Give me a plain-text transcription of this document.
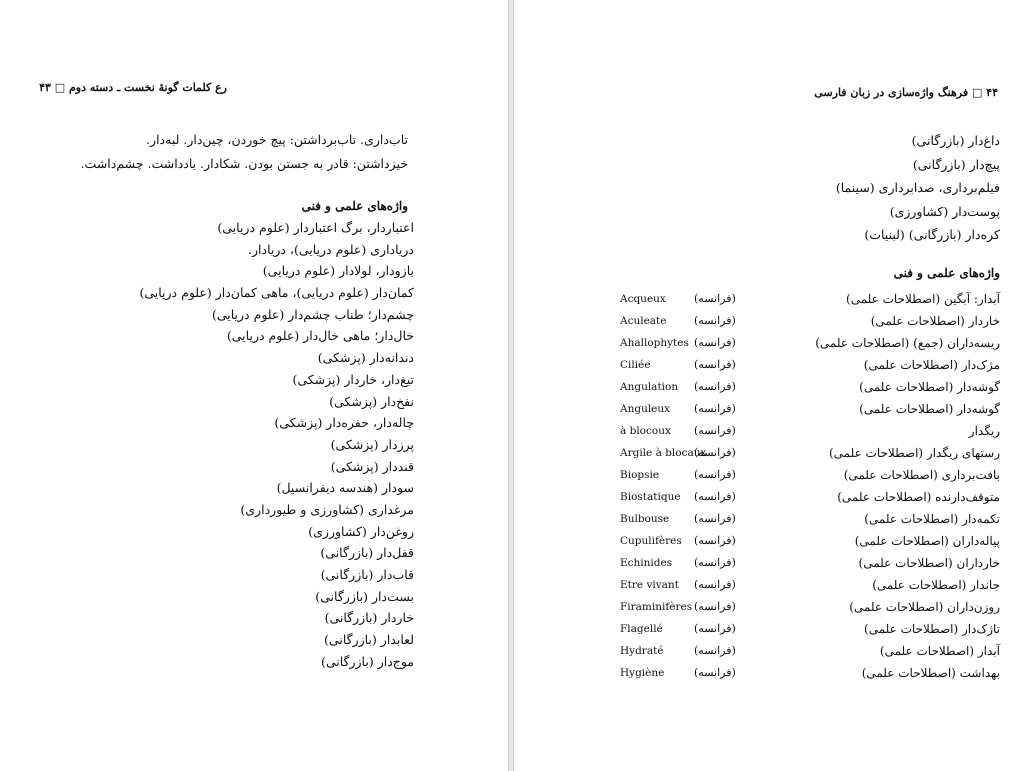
رع کلمات گونهٔ نخست ـ دسته دوم □ ۴۳
تاب‌داری. تاب‌برداشتن: پیچ خوردن، چین‌دار. لبه‌دار.
خیزداشتن: قادر به جستن بودن. شکا‌دار. یادداشت. چشم‌داشت.
واژه‌های علمی و فنی
اعتباردار، برگ اعتباردار (علوم دریایی)
دریاداری (علوم دریایی)، دریادار.
بازودار، لولادار (علوم دریایی)
کمان‌دار (علوم دریایی)، ماهی کمان‌دار (علوم دریایی)
چشم‌دار؛ طناب چشم‌دار (علوم دریایی)
خال‌دار؛ ماهی خال‌دار (علوم دریایی)
دندانه‌دار (پزشکی)
تیغ‌دار، خاردار (پزشکی)
نفخ‌دار (پزشکی)
چاله‌دار، حفره‌دار (پزشکی)
پرزدار (پزشکی)
قنددار (پزشکی)
سودار (هندسه دیفرانسیل)
مرغداری (کشاورزی و طیورداری)
روغن‌دار (کشاورزی)
قفل‌دار (بازرگانی)
قاب‌دار (بازرگانی)
بست‌دار (بازرگانی)
خاردار (بازرگانی)
لعابدار (بازرگانی)
موج‌دار (بازرگانی)
۴۴ □ فرهنگ واژه‌سازی در زبان فارسی
داغ‌دار (بازرگانی)
پیچ‌دار (بازرگانی)
فیلم‌برداری، صدابرداری (سینما)
پوست‌دار (کشاورزی)
کره‌دار (بازرگانی) (لبنیات)
واژه‌های علمی و فنی
آبدار: آبگین (اصطلاحات علمی)
(فرانسه)
Acqueux
خاردار (اصطلاحات علمی)
(فرانسه)
Aculeate
ریسه‌داران (جمع) (اصطلاحات علمی)
(فرانسه)
Ahallophytes
مژک‌دار (اصطلاحات علمی)
(فرانسه)
Ciliée
گوشه‌دار (اصطلاحات علمی)
(فرانسه)
Angulation
گوشه‌دار (اصطلاحات علمی)
(فرانسه)
Anguleux
ریگدار
(فرانسه)
à blocoux
رستهای ریگدار (اصطلاحات علمی)
(فرانسه)
Argile à blocaux
بافت‌برداری (اصطلاحات علمی)
(فرانسه)
Biopsie
متوقف‌دارنده (اصطلاحات علمی)
(فرانسه)
Biostatique
تکمه‌دار (اصطلاحات علمی)
(فرانسه)
Bulbouse
پیاله‌داران (اصطلاحات علمی)
(فرانسه)
Cupulifères
خارداران (اصطلاحات علمی)
(فرانسه)
Echinides
جاندار (اصطلاحات علمی)
(فرانسه)
Etre vivant
روزن‌داران (اصطلاحات علمی)
(فرانسه)
Firaminifères
تاژک‌دار (اصطلاحات علمی)
(فرانسه)
Flagellé
آبدار (اصطلاحات علمی)
(فرانسه)
Hydraté
بهداشت (اصطلاحات علمی)
(فرانسه)
Hygiène
